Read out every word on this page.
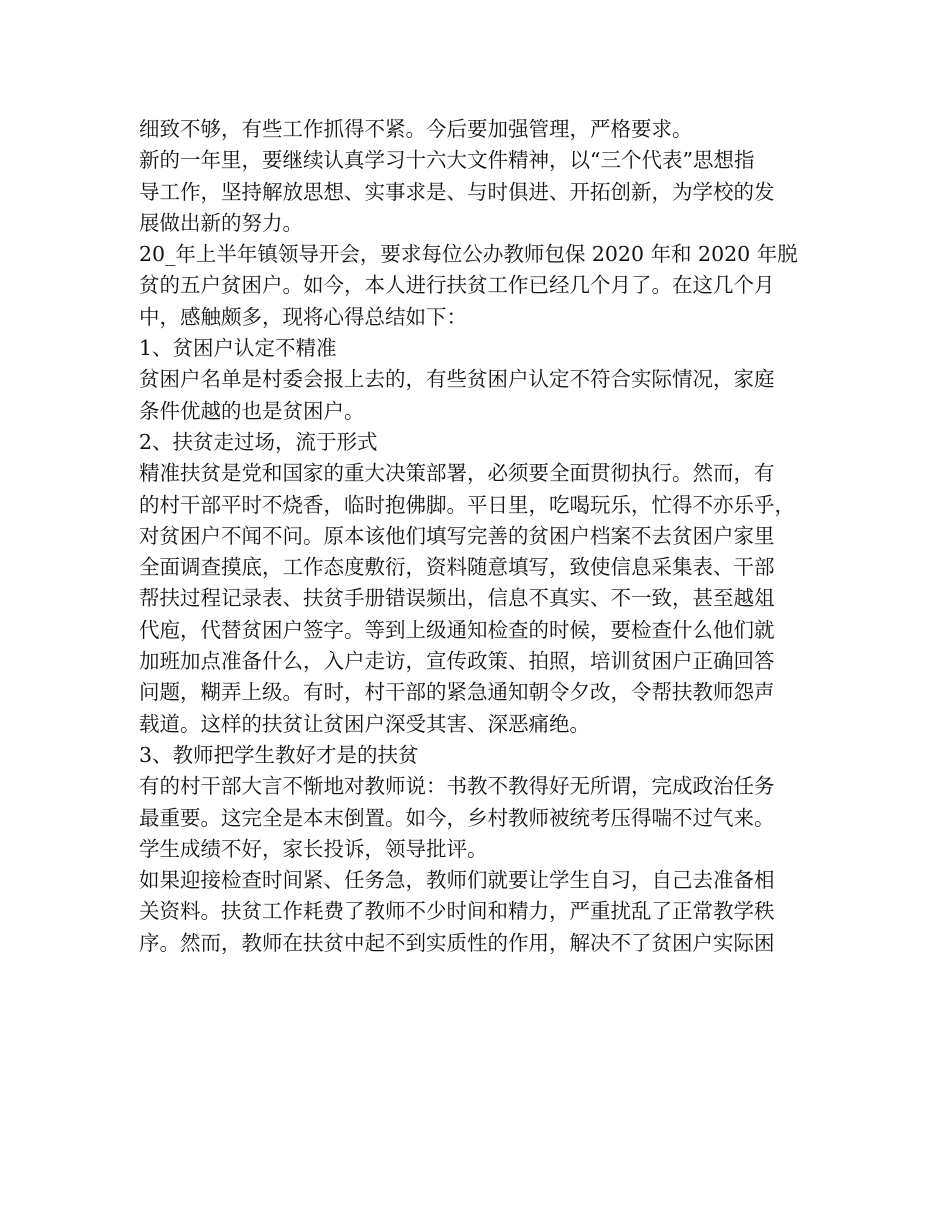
细致不够，有些工作抓得不紧。今后要加强管理，严格要求。
新的一年里，要继续认真学习十六大文件精神，以“三个代表”思想指
导工作，坚持解放思想、实事求是、与时俱进、开拓创新，为学校的发
展做出新的努力。
20_年上半年镇领导开会，要求每位公办教师包保 2020 年和 2020 年脱
贫的五户贫困户。如今，本人进行扶贫工作已经几个月了。在这几个月
中，感触颇多，现将心得总结如下：
1、贫困户认定不精准
贫困户名单是村委会报上去的，有些贫困户认定不符合实际情况，家庭
条件优越的也是贫困户。
2、扶贫走过场，流于形式
精准扶贫是党和国家的重大决策部署，必须要全面贯彻执行。然而，有
的村干部平时不烧香，临时抱佛脚。平日里，吃喝玩乐，忙得不亦乐乎，
对贫困户不闻不问。原本该他们填写完善的贫困户档案不去贫困户家里
全面调查摸底，工作态度敷衍，资料随意填写，致使信息采集表、干部
帮扶过程记录表、扶贫手册错误频出，信息不真实、不一致，甚至越俎
代庖，代替贫困户签字。等到上级通知检查的时候，要检查什么他们就
加班加点准备什么，入户走访，宣传政策、拍照，培训贫困户正确回答
问题，糊弄上级。有时，村干部的紧急通知朝令夕改，令帮扶教师怨声
载道。这样的扶贫让贫困户深受其害、深恶痛绝。
3、教师把学生教好才是的扶贫
有的村干部大言不惭地对教师说：书教不教得好无所谓，完成政治任务
最重要。这完全是本末倒置。如今，乡村教师被统考压得喘不过气来。
学生成绩不好，家长投诉，领导批评。
如果迎接检查时间紧、任务急，教师们就要让学生自习，自己去准备相
关资料。扶贫工作耗费了教师不少时间和精力，严重扰乱了正常教学秩
序。然而，教师在扶贫中起不到实质性的作用，解决不了贫困户实际困
